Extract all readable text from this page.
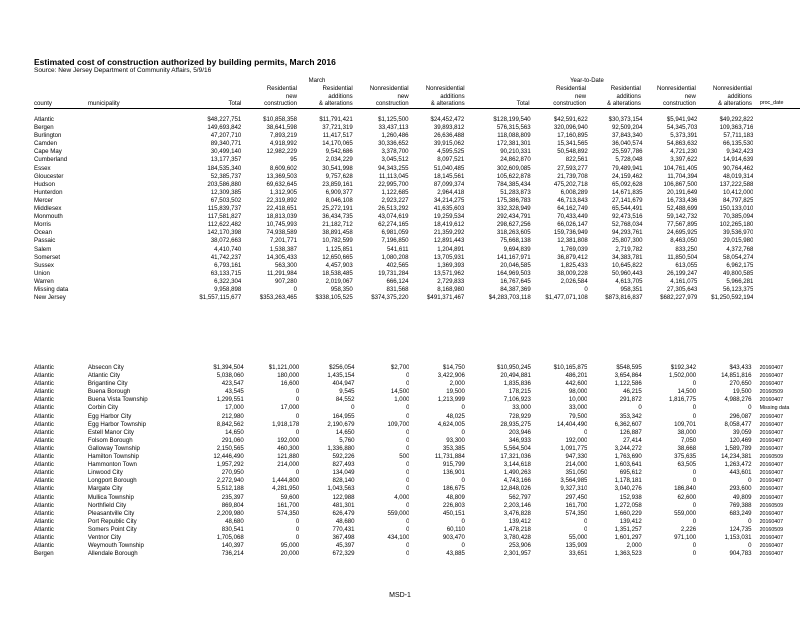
Estimated cost of construction authorized by building permits, March 2016
Source: New Jersey Department of Community Affairs, 5/9/16
March	Year-to-Date
			Residential	Residential	Nonresidential	Nonresidential		Residential	Residential	Nonresidential	Nonresidential	
			new	additions	new	additions		new	additions	new	additions	
county	municipality	Total	construction	& alterations	construction	& alterations	Total	construction	& alterations	construction	& alterations	proc_date
Atlantic		$48,227,751	$10,858,358	$11,791,421	$1,125,500	$24,452,472	$128,199,540	$42,591,622	$30,373,154	$5,941,942	$49,292,822	
Bergen		149,693,842	38,641,598	37,721,319	33,437,113	39,893,812	576,315,563	320,096,940	92,509,204	54,345,703	109,363,716	
Burlington		47,207,710	7,893,219	11,417,517	1,260,486	26,636,488	118,088,809	17,160,895	37,843,340	5,373,391	57,711,183	
Camden		89,340,771	4,918,992	14,170,065	30,336,652	39,915,062	172,381,301	15,341,565	36,040,574	54,863,632	66,135,530	
Cape May		30,499,140	12,982,229	9,542,686	3,378,700	4,595,525	90,210,331	50,548,892	25,597,786	4,721,230	9,342,423	
Cumberland		13,177,357	95	2,034,229	3,045,512	8,097,521	24,862,870	822,561	5,728,048	3,397,622	14,914,639	
Essex		184,535,340	8,609,602	30,541,998	94,343,255	51,040,485	302,609,085	27,593,277	79,489,941	104,761,405	90,764,462	
Gloucester		52,385,737	13,369,503	9,757,628	11,113,045	18,145,561	105,622,878	21,739,708	24,159,462	11,704,394	48,019,314	
Hudson		203,586,880	69,632,645	23,859,161	22,995,700	87,099,374	784,385,434	475,202,718	65,092,628	106,867,500	137,222,588	
Hunterdon		12,309,385	1,312,905	6,909,377	1,122,685	2,964,418	51,283,873	6,008,289	14,671,835	20,191,649	10,412,000	
Mercer		67,503,502	22,319,892	8,046,108	2,923,227	34,214,275	175,386,783	46,713,843	27,141,679	16,733,436	84,797,825	
Middlesex		115,839,737	22,418,651	25,272,191	26,513,292	41,635,603	332,328,949	64,162,749	65,544,491	52,488,699	150,133,010	
Monmouth		117,581,827	18,813,039	36,434,735	43,074,619	19,259,534	292,434,791	70,433,449	92,473,516	59,142,732	70,385,094	
Morris		112,622,482	10,745,993	21,182,712	62,274,165	18,419,612	298,627,256	66,026,147	52,768,034	77,567,895	102,265,180	
Ocean		142,170,398	74,938,589	38,891,458	6,981,059	21,359,292	318,263,605	159,736,949	94,293,761	24,695,925	39,536,970	
Passaic		38,072,663	7,201,771	10,782,599	7,196,850	12,891,443	75,668,138	12,381,808	25,807,300	8,463,050	29,015,980	
Salem		4,410,740	1,538,387	1,125,851	541,611	1,204,891	9,694,839	1,769,039	2,719,782	833,250	4,372,768	
Somerset		41,742,237	14,305,433	12,650,665	1,080,208	13,705,931	141,167,971	36,879,412	34,383,781	11,850,504	58,054,274	
Sussex		6,793,161	563,300	4,457,903	402,565	1,369,393	20,046,585	1,825,433	10,645,822	613,055	6,962,175	
Union		63,133,715	11,291,984	18,538,485	19,731,284	13,571,962	164,969,503	38,009,228	50,960,443	26,199,247	49,800,585	
Warren		6,322,304	907,280	2,019,067	666,124	2,729,833	16,767,645	2,026,584	4,613,705	4,161,075	5,966,281	
Missing data		9,958,898	0	958,350	831,568	8,168,980	84,387,369	0	958,351	27,305,643	56,123,375	
New Jersey		$1,557,115,677	$353,263,465	$338,105,525	$374,375,220	$491,371,467	$4,283,703,118	$1,477,071,108	$873,816,837	$682,227,979	$1,250,592,194	
Atlantic	Absecon City	$1,394,504	$1,121,000	$256,054	$2,700	$14,750	$10,950,245	$10,165,875	$548,595	$192,342	$43,433	20160407
Atlantic	Atlantic City	5,038,060	180,000	1,435,154	0	3,422,906	20,494,881	486,201	3,654,864	1,502,000	14,851,816	20160407
Atlantic	Brigantine City	423,547	16,600	404,947	0	2,000	1,835,836	442,600	1,122,586	0	270,650	20160407
Atlantic	Buena Borough	43,545	0	9,545	14,500	19,500	178,215	98,000	46,215	14,500	19,500	20160509
Atlantic	Buena Vista Township	1,299,551	0	84,552	1,000	1,213,999	7,106,923	10,000	291,872	1,816,775	4,988,276	20160407
Atlantic	Corbin City	17,000	17,000	0	0	0	33,000	33,000	0	0	0	Missing data
Atlantic	Egg Harbor City	212,980	0	164,955	0	48,025	728,929	79,500	353,342	0	296,087	20160407
Atlantic	Egg Harbor Township	8,842,562	1,918,178	2,190,679	109,700	4,624,005	28,935,275	14,404,490	6,362,607	109,701	8,058,477	20160407
Atlantic	Estell Manor City	14,650	0	14,650	0	0	203,946	0	126,887	38,000	39,059	20160407
Atlantic	Folsom Borough	291,060	192,000	5,760	0	93,300	346,933	192,000	27,414	7,050	120,469	20160407
Atlantic	Galloway Township	2,150,565	460,300	1,336,880	0	353,385	5,564,504	1,091,775	3,244,272	38,668	1,589,789	20160407
Atlantic	Hamilton Township	12,446,490	121,880	592,226	500	11,731,884	17,321,036	947,330	1,763,690	375,635	14,234,381	20160509
Atlantic	Hammonton Town	1,957,292	214,000	827,493	0	915,799	3,144,618	214,000	1,603,641	63,505	1,263,472	20160407
Atlantic	Linwood City	270,950	0	134,049	0	136,901	1,490,263	351,050	695,612	0	443,601	20160407
Atlantic	Longport Borough	2,272,940	1,444,800	828,140	0	0	4,743,166	3,564,985	1,178,181	0	0	20160407
Atlantic	Margate City	5,512,188	4,281,950	1,043,563	0	186,675	12,848,026	9,327,310	3,040,276	186,840	293,600	20160407
Atlantic	Mullica Township	235,397	59,600	122,988	4,000	48,809	562,797	297,450	152,938	62,600	49,809	20160407
Atlantic	Northfield City	869,804	161,700	481,301	0	226,803	2,203,146	161,700	1,272,058	0	769,388	20160509
Atlantic	Pleasantville City	2,209,980	574,350	626,479	559,000	450,151	3,476,828	574,350	1,660,229	559,000	683,249	20160407
Atlantic	Port Republic City	48,680	0	48,680	0	0	139,412	0	139,412	0	0	20160407
Atlantic	Somers Point City	830,541	0	770,431	0	60,110	1,478,218	0	1,351,257	2,226	124,735	20160509
Atlantic	Ventnor City	1,705,068	0	367,498	434,100	903,470	3,780,428	55,000	1,601,297	971,100	1,153,031	20160407
Atlantic	Weymouth Township	140,397	95,000	45,397	0	0	253,906	135,909	2,000	0	0	20160407
Bergen	Allendale Borough	736,214	20,000	672,329	0	43,885	2,301,957	33,651	1,363,523	0	904,783	20160407
MSD-1
